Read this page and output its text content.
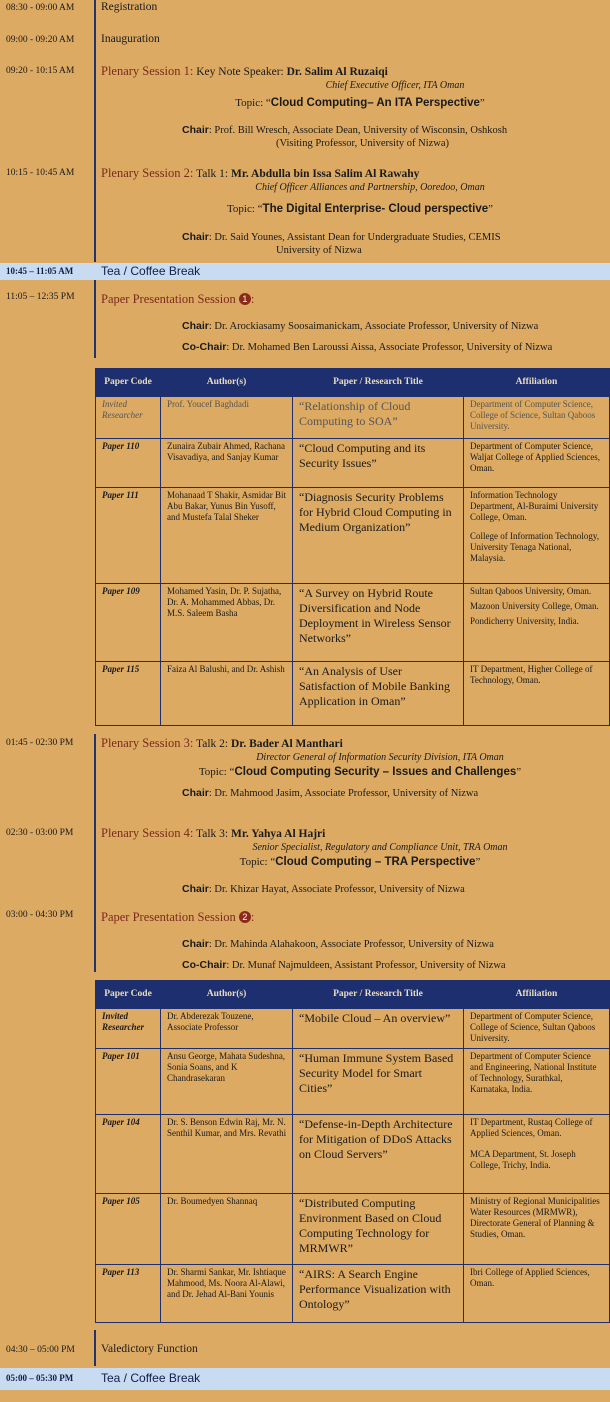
08:30 - 09:00 AM Registration
09:00 - 09:20 AM Inauguration
09:20 - 10:15 AM Plenary Session 1: Key Note Speaker: Dr. Salim Al Ruzaiqi
Chief Executive Officer, ITA Oman
Topic: “Cloud Computing– An ITA Perspective”
Chair: Prof. Bill Wresch, Associate Dean, University of Wisconsin, Oshkosh
(Visiting Professor, University of Nizwa)
10:15 - 10:45 AM Plenary Session 2: Talk 1: Mr. Abdulla bin Issa Salim Al Rawahy
Chief Officer Alliances and Partnership, Ooredoo, Oman
Topic: “The Digital Enterprise- Cloud perspective”
Chair: Dr. Said Younes, Assistant Dean for Undergraduate Studies, CEMIS
University of Nizwa
10:45 – 11:05 AM Tea / Coffee Break
11:05 – 12:35 PM Paper Presentation Session 1 :
Chair: Dr. Arockiasamy Soosaimanickam, Associate Professor, University of Nizwa
Co-Chair: Dr. Mohamed Ben Laroussi Aissa, Associate Professor, University of Nizwa
Paper Code	Author(s)	Paper / Research Title	Affiliation
Invited Researcher	Prof. Youcef Baghdadi	“Relationship of Cloud Computing to SOA”	Department of Computer Science, College of Science, Sultan Qaboos University.
Paper 110	Zunaira Zubair Ahmed, Rachana Visavadiya, and Sanjay Kumar	“Cloud Computing and its Security Issues”	Department of Computer Science, Waljat College of Applied Sciences, Oman.
Paper 111	Mohanaad T Shakir, Asmidar Bit Abu Bakar, Yunus Bin Yusoff, and Mustefa Talal Sheker	“Diagnosis Security Problems for Hybrid Cloud Computing in Medium Organization”	Information Technology Department, Al-Buraimi University College, Oman.
College of Information Technology, University Tenaga National, Malaysia.
Paper 109	Mohamed Yasin, Dr. P. Sujatha, Dr. A. Mohammed Abbas, Dr. M.S. Saleem Basha	“A Survey on Hybrid Route Diversification and Node Deployment in Wireless Sensor Networks”	Sultan Qaboos University, Oman.
Mazoon University College, Oman.
Pondicherry University, India.
Paper 115	Faiza Al Balushi, and Dr. Ashish	“An Analysis of User Satisfaction of Mobile Banking Application in Oman”	IT Department, Higher College of Technology, Oman.
01:45 - 02:30 PM Plenary Session 3: Talk 2: Dr. Bader Al Manthari
Director General of Information Security Division, ITA Oman
Topic: “Cloud Computing Security – Issues and Challenges”
Chair: Dr. Mahmood Jasim, Associate Professor, University of Nizwa
02:30 - 03:00 PM Plenary Session 4: Talk 3: Mr. Yahya Al Hajri
Senior Specialist, Regulatory and Compliance Unit, TRA Oman
Topic: “Cloud Computing – TRA Perspective”
Chair: Dr. Khizar Hayat, Associate Professor, University of Nizwa
03:00 - 04:30 PM Paper Presentation Session 2 :
Chair: Dr. Mahinda Alahakoon, Associate Professor, University of Nizwa
Co-Chair: Dr. Munaf Najmuldeen, Assistant Professor, University of Nizwa
Paper Code	Author(s)	Paper / Research Title	Affiliation
Invited Researcher	Dr. Abderezak Touzene, Associate Professor	“Mobile Cloud – An overview”	Department of Computer Science, College of Science, Sultan Qaboos University.
Paper 101	Ansu George, Mahata Sudeshna, Sonia Soans, and K Chandrasekaran	“Human Immune System Based Security Model for Smart Cities”	Department of Computer Science and Engineering, National Institute of Technology, Surathkal, Karnataka, India.
Paper 104	Dr. S. Benson Edwin Raj, Mr. N. Senthil Kumar, and Mrs. Revathi	“Defense-in-Depth Architecture for Mitigation of DDoS Attacks on Cloud Servers”	IT Department, Rustaq College of Applied Sciences, Oman.
MCA Department, St. Joseph College, Trichy, India.
Paper 105	Dr. Boumedyen Shannaq	“Distributed Computing Environment Based on Cloud Computing Technology for MRMWR”	Ministry of Regional Municipalities Water Resources (MRMWR), Directorate General of Planning & Studies, Oman.
Paper 113	Dr. Sharmi Sankar, Mr. Ishtiaque Mahmood, Ms. Noora Al-Alawi, and Dr. Jehad Al-Bani Younis	“AIRS: A Search Engine Performance Visualization with Ontology”	Ibri College of Applied Sciences, Oman.
04:30 – 05:00 PM Valedictory Function
05:00 – 05:30 PM Tea / Coffee Break
